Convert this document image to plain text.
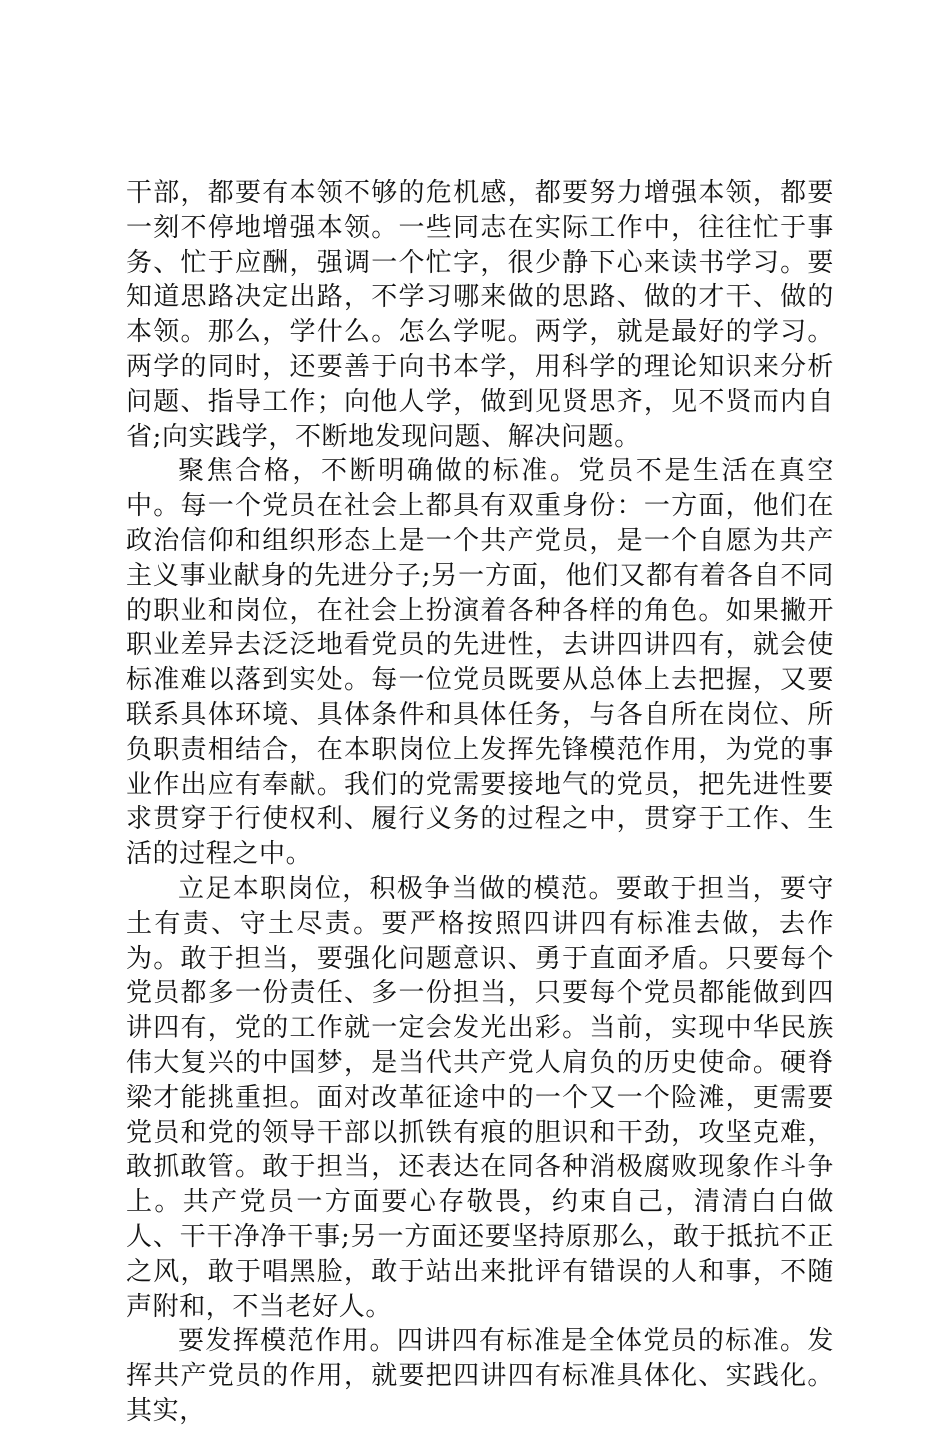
干部，都要有本领不够的危机感，都要努力增强本领，都要一刻不停地增强本领。一些同志在实际工作中，往往忙于事务、忙于应酬，强调一个忙字，很少静下心来读书学习。要知道思路决定出路，不学习哪来做的思路、做的才干、做的本领。那么，学什么。怎么学呢。两学，就是最好的学习。两学的同时，还要善于向书本学，用科学的理论知识来分析问题、指导工作；向他人学，做到见贤思齐，见不贤而内自省;向实践学，不断地发现问题、解决问题。

聚焦合格，不断明确做的标准。党员不是生活在真空中。每一个党员在社会上都具有双重身份：一方面，他们在政治信仰和组织形态上是一个共产党员，是一个自愿为共产主义事业献身的先进分子;另一方面，他们又都有着各自不同的职业和岗位，在社会上扮演着各种各样的角色。如果撇开职业差异去泛泛地看党员的先进性，去讲四讲四有，就会使标准难以落到实处。每一位党员既要从总体上去把握，又要联系具体环境、具体条件和具体任务，与各自所在岗位、所负职责相结合，在本职岗位上发挥先锋模范作用，为党的事业作出应有奉献。我们的党需要接地气的党员，把先进性要求贯穿于行使权利、履行义务的过程之中，贯穿于工作、生活的过程之中。

立足本职岗位，积极争当做的模范。要敢于担当，要守土有责、守土尽责。要严格按照四讲四有标准去做，去作为。敢于担当，要强化问题意识、勇于直面矛盾。只要每个党员都多一份责任、多一份担当，只要每个党员都能做到四讲四有，党的工作就一定会发光出彩。当前，实现中华民族伟大复兴的中国梦，是当代共产党人肩负的历史使命。硬脊梁才能挑重担。面对改革征途中的一个又一个险滩，更需要党员和党的领导干部以抓铁有痕的胆识和干劲，攻坚克难，敢抓敢管。敢于担当，还表达在同各种消极腐败现象作斗争上。共产党员一方面要心存敬畏，约束自己，清清白白做人、干干净净干事;另一方面还要坚持原那么，敢于抵抗不正之风，敢于唱黑脸，敢于站出来批评有错误的人和事，不随声附和，不当老好人。

要发挥模范作用。四讲四有标准是全体党员的标准。发挥共产党员的作用，就要把四讲四有标准具体化、实践化。其实，
